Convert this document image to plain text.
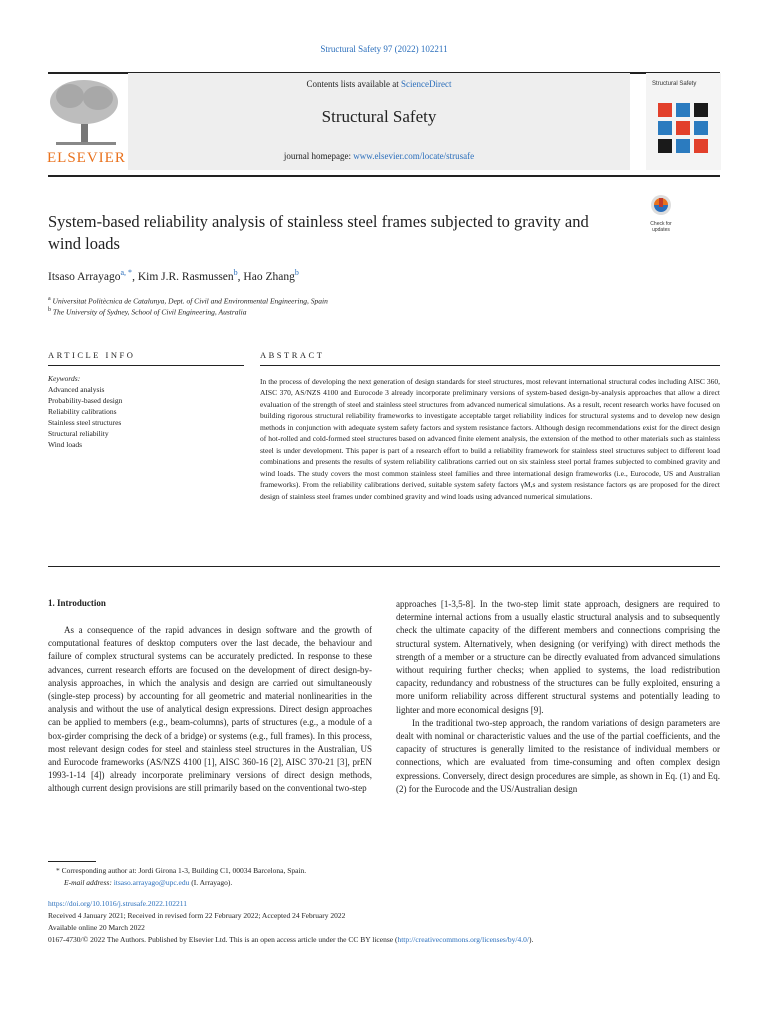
Structural Safety 97 (2022) 102211
ELSEVIER
Contents lists available at ScienceDirect
Structural Safety
journal homepage: www.elsevier.com/locate/strusafe
Structural Safety
System-based reliability analysis of stainless steel frames subjected to gravity and wind loads
Check for updates
Itsaso Arrayago$^{a, *}$, Kim J.R. Rasmussen$^b$, Hao Zhang$^b$
$^a$ Universitat Politècnica de Catalunya, Dept. of Civil and Environmental Engineering, Spain
$^b$ The University of Sydney, School of Civil Engineering, Australia
ARTICLE INFO	ABSTRACT
Keywords:
Advanced analysis
Probability-based design
Reliability calibrations
Stainless steel structures
Structural reliability
Wind loads
In the process of developing the next generation of design standards for steel structures, most relevant international structural codes including AISC 360, AISC 370, AS/NZS 4100 and Eurocode 3 already incorporate preliminary versions of system-based design-by-analysis approaches that allow a direct evaluation of the strength of steel and stainless steel structures from advanced numerical simulations. As a result, recent research works have focused on building rigorous structural reliability frameworks to investigate acceptable target reliability indices for structural systems and to develop new design methods in conjunction with adequate system safety factors and system resistance factors. Although design recommendations exist for the direct design of hot-rolled and cold-formed steel structures based on advanced finite element analysis, the extension of the method to other materials such as stainless steel is under development. This paper is part of a research effort to build a reliability framework for stainless steel structures subject to different load combinations and presents the results of system reliability calibrations carried out on six stainless steel portal frames subjected to combined gravity and wind loads. The study covers the most common stainless steel families and three international design frameworks (i.e., Eurocode, US and Australian frameworks). From the reliability calibrations derived, suitable system safety factors γM,s and system resistance factors φs are proposed for the direct design of stainless steel frames under combined gravity and wind loads using advanced numerical simulations.
1. Introduction

As a consequence of the rapid advances in design software and the growth of computational features of desktop computers over the last decade, the behaviour and failure of complex structural systems can be accurately predicted. In response to these advances, current research efforts are focused on the development of direct design-by-analysis approaches, in which the analysis and design are carried out simultaneously (single-step process) by accounting for all geometric and material nonlinearities in the analysis and without the use of analytical design expressions. Direct design approaches can be applied to members (e.g., beam-columns), parts of structures (e.g., a module of a box-girder comprising the deck of a bridge) or systems (e.g., full frames). In this process, most relevant design codes for steel and stainless steel structures in the Australian, US and Eurocode frameworks (AS/NZS 4100 [1], AISC 360-16 [2], AISC 370-21 [3], prEN 1993-1-14 [4]) already incorporate preliminary versions of direct design methods, although current design provisions are still primarily based on the conventional two-step

approaches [1-3,5-8]. In the two-step limit state approach, designers are required to determine internal actions from a usually elastic structural analysis and to subsequently check the ultimate capacity of the different members and connections comprising the structural system. Alternatively, when designing (or verifying) with direct methods the strength of a member or a structure can be directly evaluated from advanced simulations without requiring further checks; when applied to systems, the load redistribution capacity, redundancy and robustness of the structures can be fully exploited, ensuring a more uniform reliability across different structural systems and potentially leading to lighter and more economical designs [9].

In the traditional two-step approach, the random variations of design parameters are dealt with nominal or characteristic values and the use of the partial coefficients, and the capacity of structures is generally limited to the resistance of individual members or connections, which are evaluated from time-consuming and often complex design expressions. Conversely, direct design procedures are simple, as shown in Eq. (1) and Eq. (2) for the Eurocode and the US/Australian design

* Corresponding author at: Jordi Girona 1-3, Building C1, 00034 Barcelona, Spain.
E-mail address: itsaso.arrayago@upc.edu (I. Arrayago).
https://doi.org/10.1016/j.strusafe.2022.102211
Received 4 January 2021; Received in revised form 22 February 2022; Accepted 24 February 2022
Available online 20 March 2022
0167-4730/© 2022 The Authors. Published by Elsevier Ltd. This is an open access article under the CC BY license (http://creativecommons.org/licenses/by/4.0/).
